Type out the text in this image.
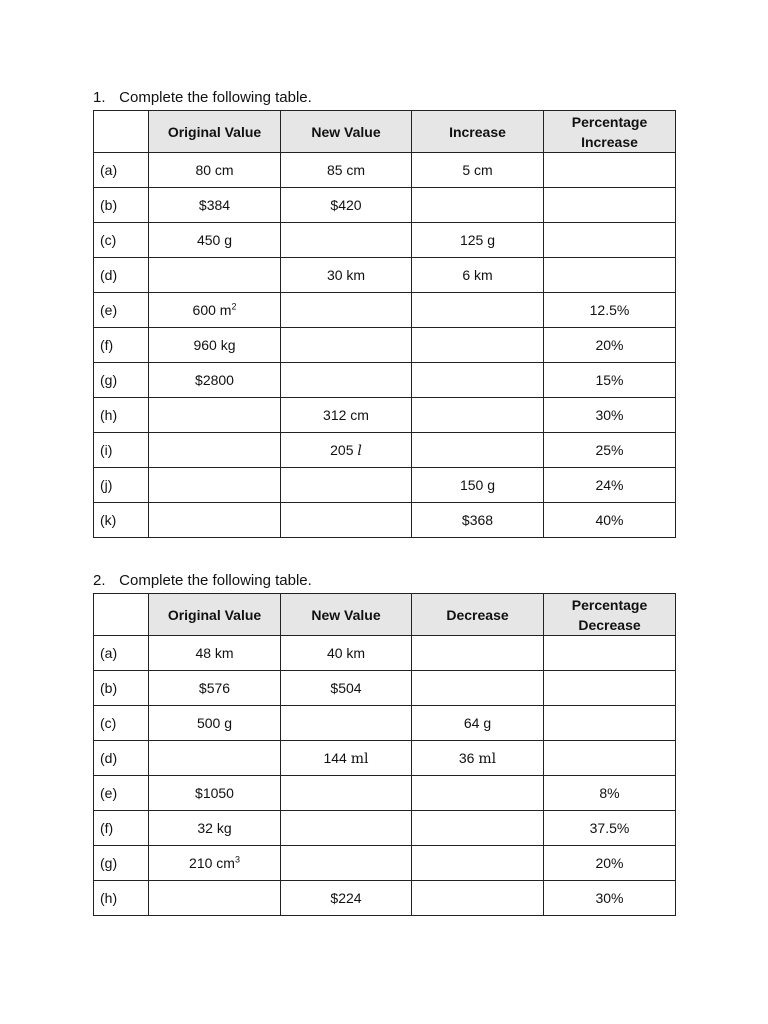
1. Complete the following table.
	Original Value	New Value	Increase	Percentage Increase
(a)	80 cm	85 cm	5 cm	
(b)	$384	$420		
(c)	450 g		125 g	
(d)		30 km	6 km	
(e)	600 $m^2$			12.5%
(f)	960 kg			20%
(g)	$2800			15%
(h)		312 cm		30%
(i)		205 l		25%
(j)			150 g	24%
(k)			$368	40%
2. Complete the following table.
	Original Value	New Value	Decrease	Percentage Decrease
(a)	48 km	40 km		
(b)	$576	$504		
(c)	500 g		64 g	
(d)		144 ml	36 ml	
(e)	$1050			8%
(f)	32 kg			37.5%
(g)	210 $cm^3$			20%
(h)		$224		30%
